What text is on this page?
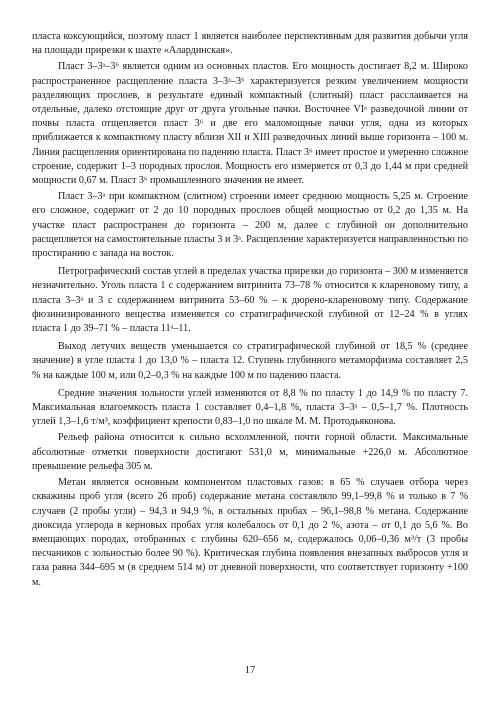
пласта коксующийся, поэтому пласт 1 является наиболее перспективным для развития добычи угля на площади прирезки к шахте «Алардинская».

Пласт 3–3ᵃ–3⁶ является одним из основных пластов. Его мощность достигает 8,2 м. Широко распространенное расщепление пласта 3–3ᵃ–3⁶ характеризуется резким увеличением мощности разделяющих прослоев, в результате единый компактный (слитный) пласт расслаивается на отдельные, далеко отстоящие друг от друга угольные пачки. Восточнее VIᵃ разведочной линии от почвы пласта отщепляется пласт 3⁶ и две его маломощные пачки угля, одна из которых приближается к компактному пласту вблизи XII и XIII разведочных линий выше горизонта – 100 м. Линия расщепления ориентирована по падению пласта. Пласт 3⁶ имеет простое и умеренно сложное строение, содержит 1–3 породных прослоя. Мощность его измеряется от 0,3 до 1,44 м при средней мощности 0,67 м. Пласт 3⁶ промышленного значения не имеет.

Пласт 3–3ᵃ при компактном (слитном) строении имеет среднюю мощность 5,25 м. Строение его сложное, содержит от 2 до 10 породных прослоев общей мощностью от 0,2 до 1,35 м. На участке пласт распространен до горизонта – 200 м, далее с глубиной он дополнительно расщепляется на самостоятельные пласты 3 и 3ᵃ. Расщепление характеризуется направленностью по простиранию с запада на восток.

Петрографический состав углей в пределах участка прирезки до горизонта – 300 м изменяется незначительно. Уголь пласта 1 с содержанием витринита 73–78 % относится к клареновому типу, а пласта 3–3ᵃ и 3 с содержанием витринита 53–60 % – к дюрено-клареновому типу. Содержание фюзинизированного вещества изменяется со стратиграфической глубиной от 12–24 % в углях пласта 1 до 39–71 % – пласта 11ᵃ–11.

Выход летучих веществ уменьшается со стратиграфической глубиной от 18,5 % (среднее значение) в угле пласта 1 до 13,0 % – пласта 12. Ступень глубинного метаморфизма составляет 2,5 % на каждые 100 м, или 0,2–0,3 % на каждые 100 м по падению пласта.

Средние значения зольности углей изменяются от 8,8 % по пласту 1 до 14,9 % по пласту 7. Максимальная влагоемкость пласта 1 составляет 0,4–1,8 %, пласта 3–3ᵃ – 0,5–1,7 %. Плотность углей 1,3–1,6 т/м³, коэффициент крепости 0,83–1,0 по шкале М. М. Протодьяконова.

Рельеф района относится к сильно всхолмленной, почти горной области. Максимальные абсолютные отметки поверхности достигают 531,0 м, минимальные +226,0 м. Абсолютное превышение рельефа 305 м.

Метан является основным компонентом пластовых газов: в 65 % случаев отбора через скважины проб угля (всего 26 проб) содержание метана составляло 99,1–99,8 % и только в 7 % случаев (2 пробы угля) – 94,3 и 94,9 %, в остальных пробах – 96,1–98,8 % метана. Содержание диоксида углерода в керновых пробах угля колебалось от 0,1 до 2 %, азота – от 0,1 до 5,6 %. Во вмещающих породах, отобранных с глубины 620–656 м, содержалось 0,06–0,36 м³/т (3 пробы песчаников с зольностью более 90 %). Критическая глубина появления внезапных выбросов угля и газа равна 344–695 м (в среднем 514 м) от дневной поверхности, что соответствует горизонту +100 м.

17
